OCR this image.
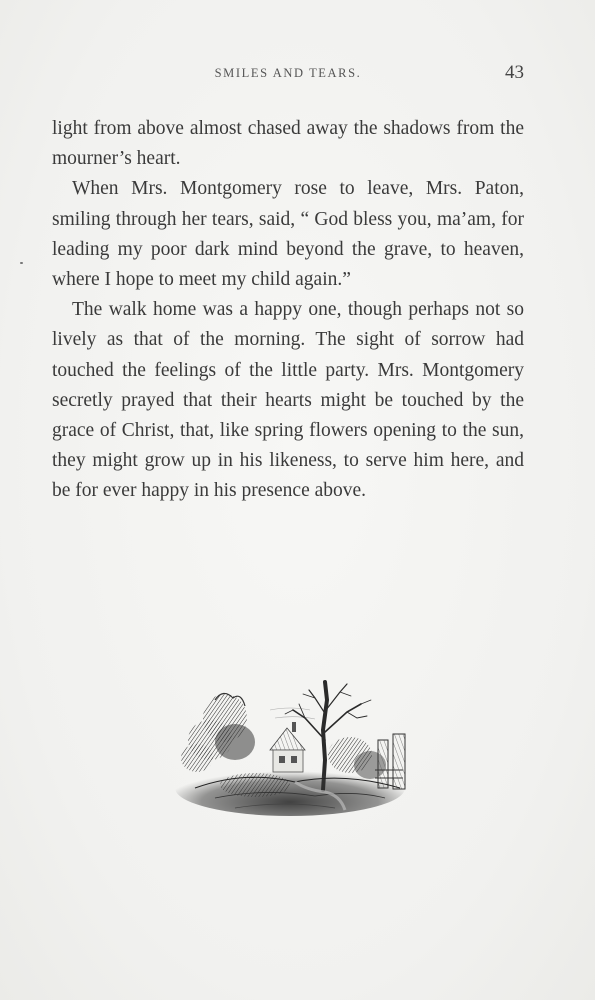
SMILES AND TEARS.	43

light from above almost chased away the shadows from the mourner’s heart.

When Mrs. Montgomery rose to leave, Mrs. Paton, smiling through her tears, said, “ God bless you, ma’am, for leading my poor dark mind beyond the grave, to heaven, where I hope to meet my child again.”

The walk home was a happy one, though perhaps not so lively as that of the morning. The sight of sorrow had touched the feelings of the little party. Mrs. Montgomery secretly prayed that their hearts might be touched by the grace of Christ, that, like spring flowers opening to the sun, they might grow up in his likeness, to serve him here, and be for ever happy in his presence above.
